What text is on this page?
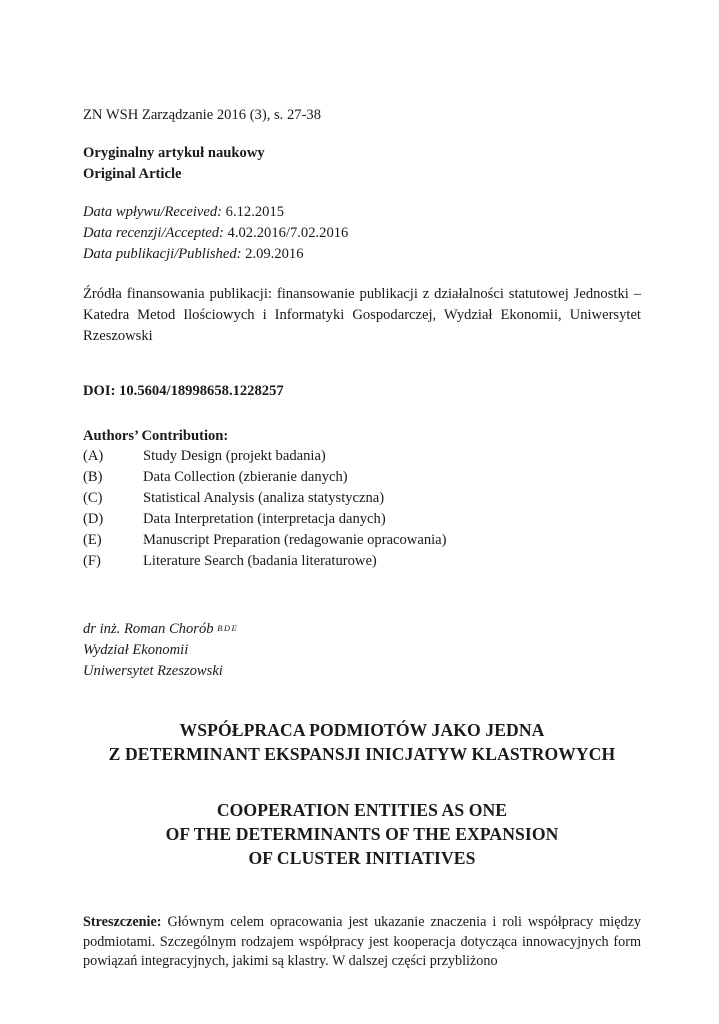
ZN WSH Zarządzanie 2016 (3), s. 27-38
Oryginalny artykuł naukowy
Original Article
Data wpływu/Received: 6.12.2015
Data recenzji/Accepted: 4.02.2016/7.02.2016
Data publikacji/Published: 2.09.2016
Źródła finansowania publikacji: finansowanie publikacji z działalności statutowej Jednostki – Katedra Metod Ilościowych i Informatyki Gospodarczej, Wydział Ekonomii, Uniwersytet Rzeszowski
DOI: 10.5604/18998658.1228257
Authors’ Contribution:
(A)	Study Design (projekt badania)
(B)	Data Collection (zbieranie danych)
(C)	Statistical Analysis (analiza statystyczna)
(D)	Data Interpretation (interpretacja danych)
(E)	Manuscript Preparation (redagowanie opracowania)
(F)	Literature Search (badania literaturowe)
dr inż. Roman Chorób $^{BDE}$
Wydział Ekonomii
Uniwersytet Rzeszowski
WSPÓŁPRACA PODMIOTÓW JAKO JEDNA
Z DETERMINANT EKSPANSJI INICJATYW KLASTROWYCH
COOPERATION ENTITIES AS ONE
OF THE DETERMINANTS OF THE EXPANSION
OF CLUSTER INITIATIVES
Streszczenie: Głównym celem opracowania jest ukazanie znaczenia i roli współpracy między podmiotami. Szczególnym rodzajem współpracy jest kooperacja dotycząca innowacyjnych form powiązań integracyjnych, jakimi są klastry. W dalszej części przybliżono
